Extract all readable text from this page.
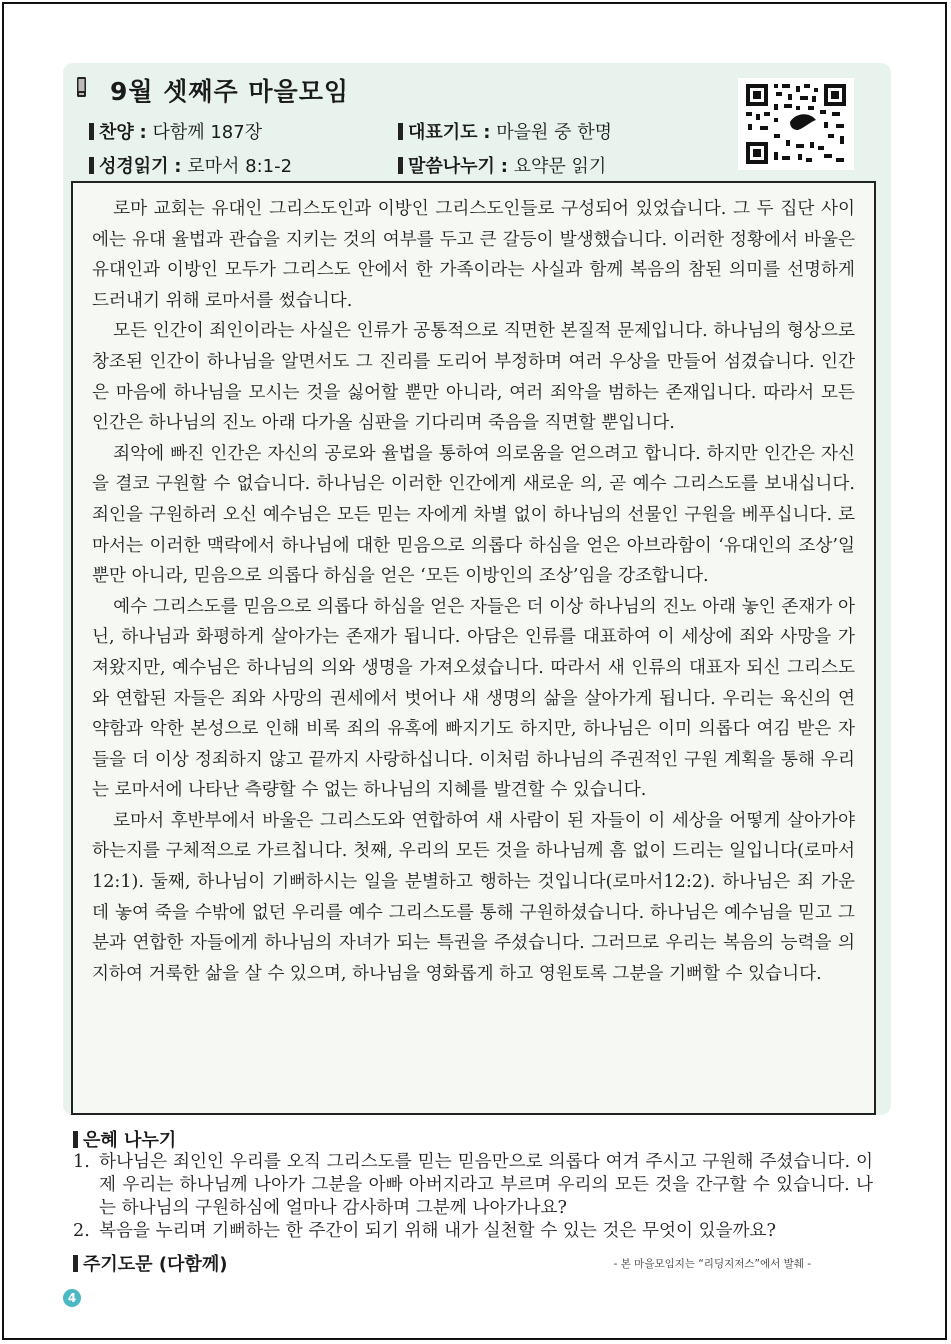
9월 셋째주 마을모임
찬양 : 다함께 187장	대표기도 : 마을원 중 한명
성경읽기 : 로마서 8:1-2	말씀나누기 : 요약문 읽기

로마 교회는 유대인 그리스도인과 이방인 그리스도인들로 구성되어 있었습니다. 그 두 집단 사이에는 유대 율법과 관습을 지키는 것의 여부를 두고 큰 갈등이 발생했습니다. 이러한 정황에서 바울은 유대인과 이방인 모두가 그리스도 안에서 한 가족이라는 사실과 함께 복음의 참된 의미를 선명하게 드러내기 위해 로마서를 썼습니다.

모든 인간이 죄인이라는 사실은 인류가 공통적으로 직면한 본질적 문제입니다. 하나님의 형상으로 창조된 인간이 하나님을 알면서도 그 진리를 도리어 부정하며 여러 우상을 만들어 섬겼습니다. 인간은 마음에 하나님을 모시는 것을 싫어할 뿐만 아니라, 여러 죄악을 범하는 존재입니다. 따라서 모든 인간은 하나님의 진노 아래 다가올 심판을 기다리며 죽음을 직면할 뿐입니다.

죄악에 빠진 인간은 자신의 공로와 율법을 통하여 의로움을 얻으려고 합니다. 하지만 인간은 자신을 결코 구원할 수 없습니다. 하나님은 이러한 인간에게 새로운 의, 곧 예수 그리스도를 보내십니다. 죄인을 구원하러 오신 예수님은 모든 믿는 자에게 차별 없이 하나님의 선물인 구원을 베푸십니다. 로마서는 이러한 맥락에서 하나님에 대한 믿음으로 의롭다 하심을 얻은 아브라함이 ‘유대인의 조상’일 뿐만 아니라, 믿음으로 의롭다 하심을 얻은 ‘모든 이방인의 조상’임을 강조합니다.

예수 그리스도를 믿음으로 의롭다 하심을 얻은 자들은 더 이상 하나님의 진노 아래 놓인 존재가 아닌, 하나님과 화평하게 살아가는 존재가 됩니다. 아담은 인류를 대표하여 이 세상에 죄와 사망을 가져왔지만, 예수님은 하나님의 의와 생명을 가져오셨습니다. 따라서 새 인류의 대표자 되신 그리스도와 연합된 자들은 죄와 사망의 권세에서 벗어나 새 생명의 삶을 살아가게 됩니다. 우리는 육신의 연약함과 악한 본성으로 인해 비록 죄의 유혹에 빠지기도 하지만, 하나님은 이미 의롭다 여김 받은 자들을 더 이상 정죄하지 않고 끝까지 사랑하십니다. 이처럼 하나님의 주권적인 구원 계획을 통해 우리는 로마서에 나타난 측량할 수 없는 하나님의 지혜를 발견할 수 있습니다.

로마서 후반부에서 바울은 그리스도와 연합하여 새 사람이 된 자들이 이 세상을 어떻게 살아가야 하는지를 구체적으로 가르칩니다. 첫째, 우리의 모든 것을 하나님께 흠 없이 드리는 일입니다(로마서 12:1). 둘째, 하나님이 기뻐하시는 일을 분별하고 행하는 것입니다(로마서12:2). 하나님은 죄 가운데 놓여 죽을 수밖에 없던 우리를 예수 그리스도를 통해 구원하셨습니다. 하나님은 예수님을 믿고 그분과 연합한 자들에게 하나님의 자녀가 되는 특권을 주셨습니다. 그러므로 우리는 복음의 능력을 의지하여 거룩한 삶을 살 수 있으며, 하나님을 영화롭게 하고 영원토록 그분을 기뻐할 수 있습니다.

은혜 나누기
1. 하나님은 죄인인 우리를 오직 그리스도를 믿는 믿음만으로 의롭다 여겨 주시고 구원해 주셨습니다. 이제 우리는 하나님께 나아가 그분을 아빠 아버지라고 부르며 우리의 모든 것을 간구할 수 있습니다. 나는 하나님의 구원하심에 얼마나 감사하며 그분께 나아가나요?
2. 복음을 누리며 기뻐하는 한 주간이 되기 위해 내가 실천할 수 있는 것은 무엇이 있을까요?
주기도문 (다함께)	- 본 마을모임지는 “리딩지저스”에서 발췌 -
4
